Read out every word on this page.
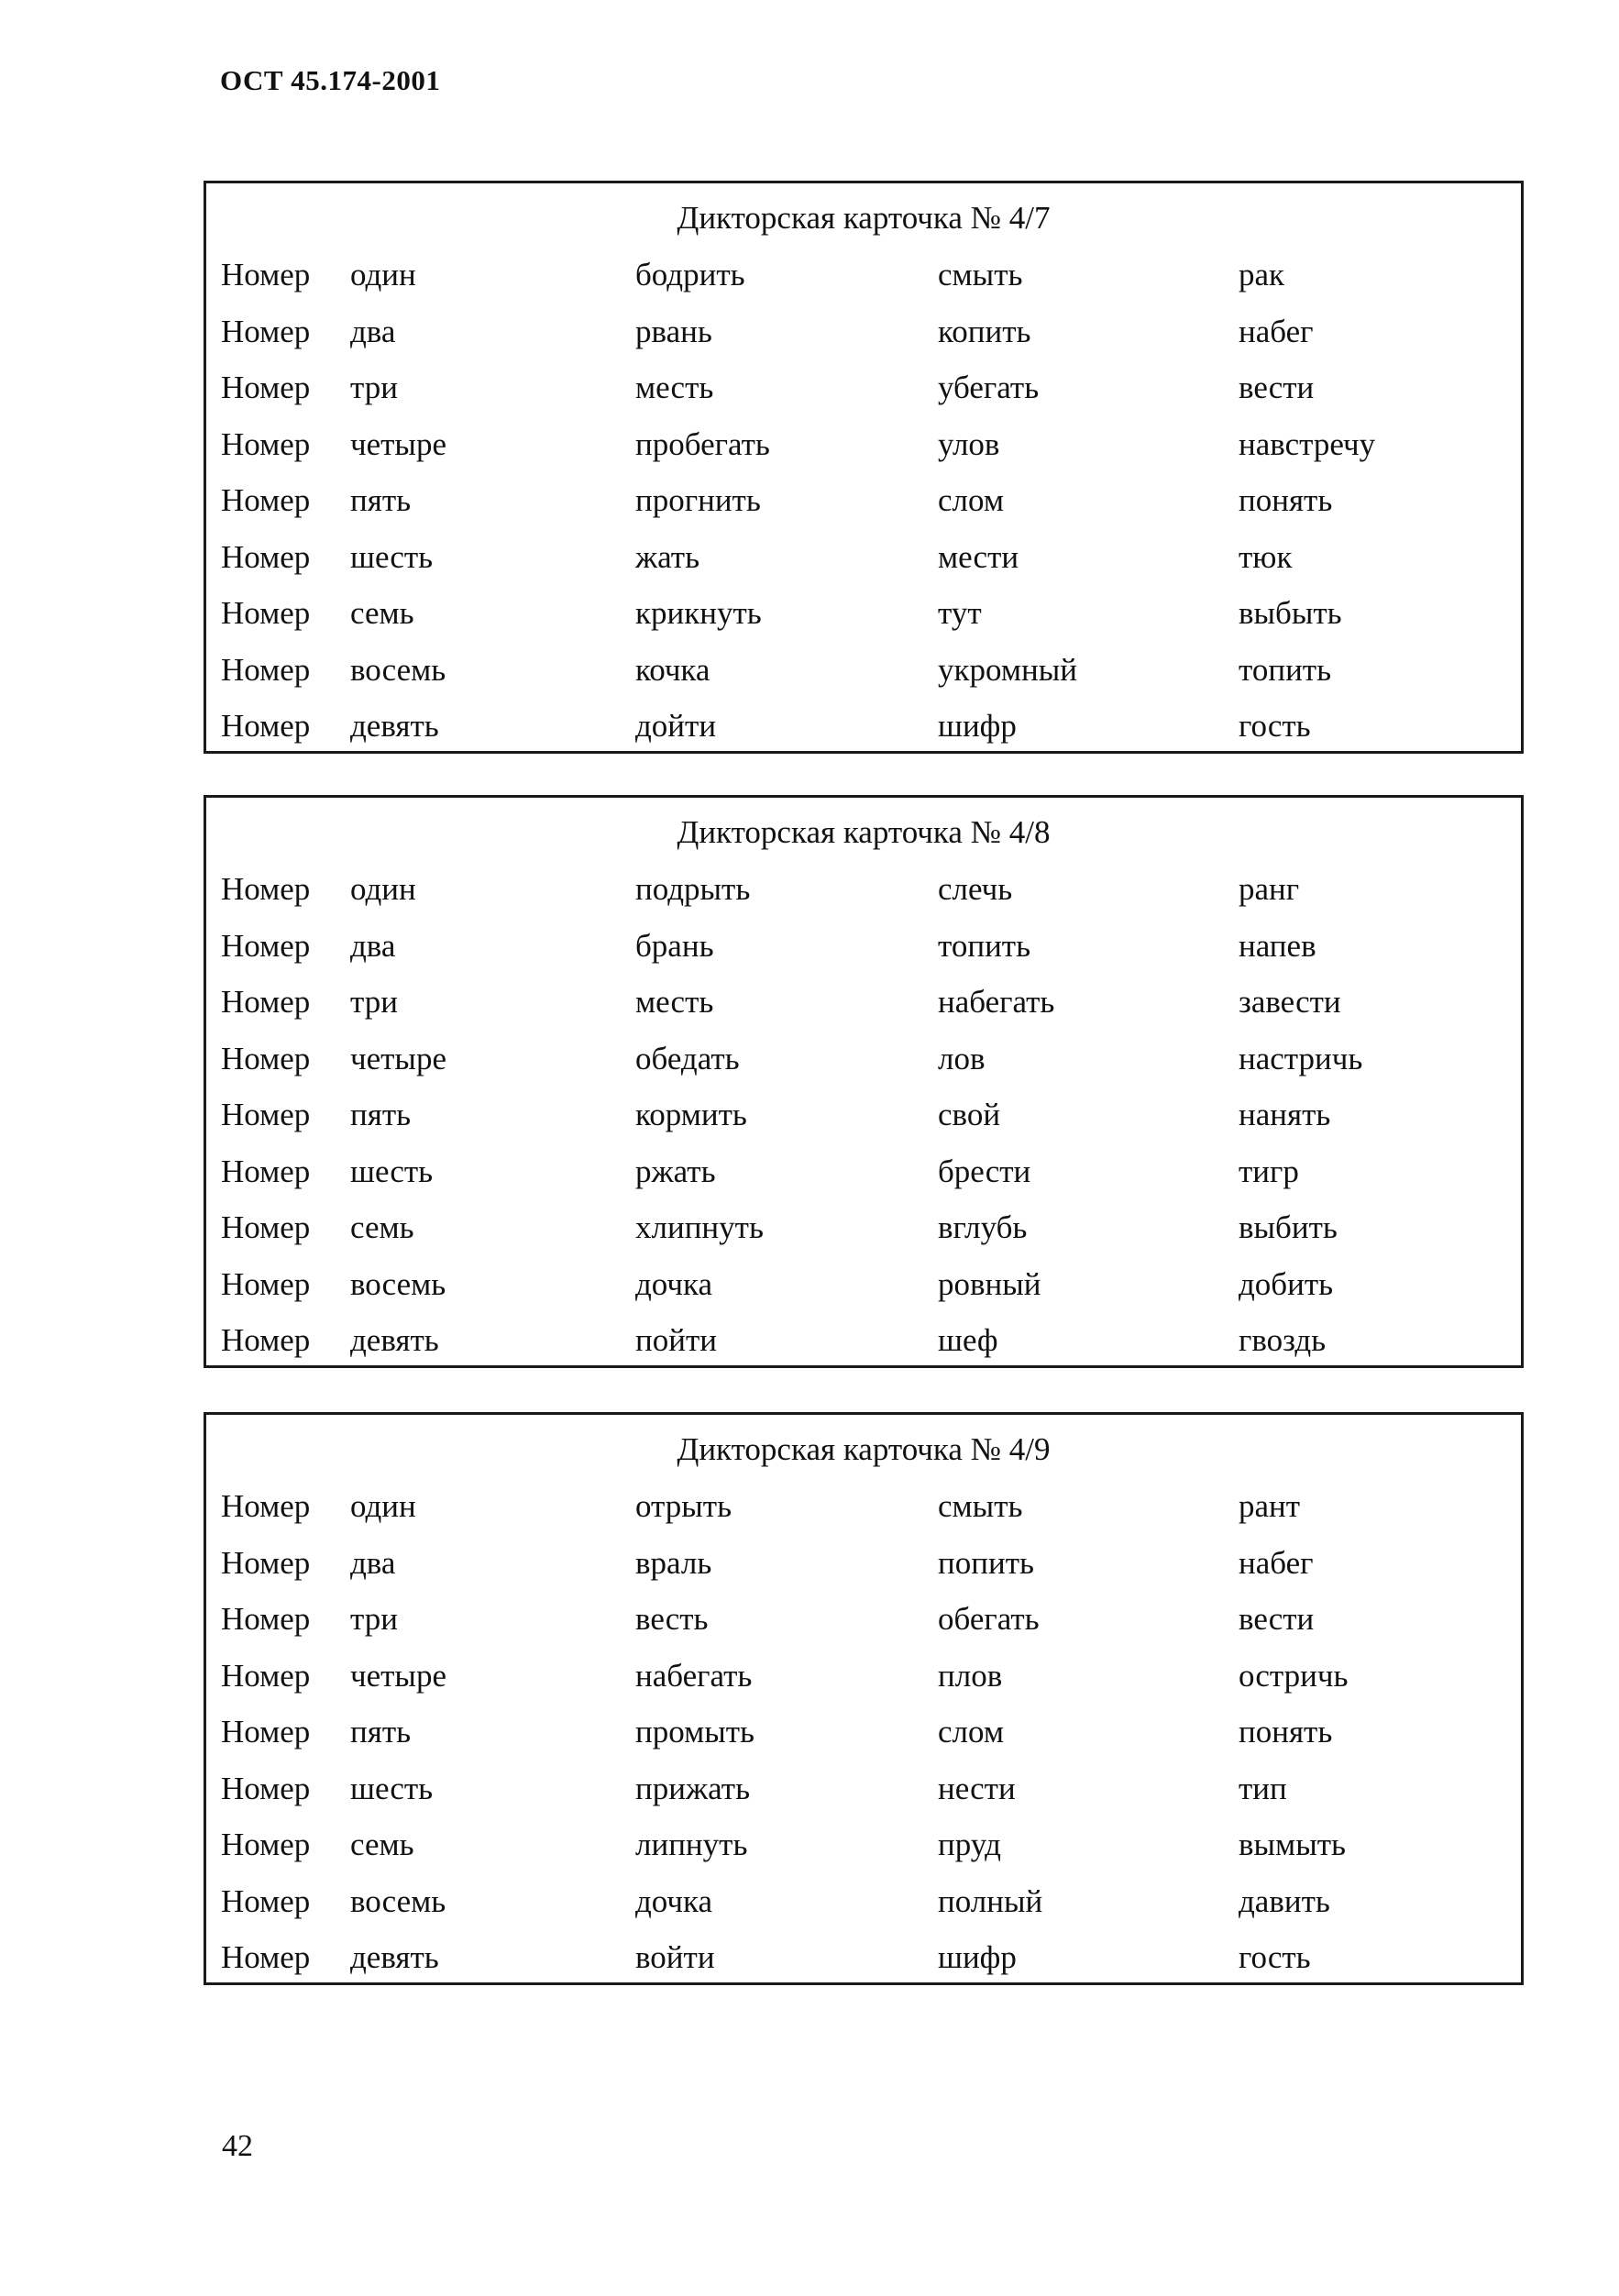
ОСТ 45.174-2001
Дикторская карточка № 4/7
Номер один	бодрить	смыть	рак
Номер два	рвань	копить	набег
Номер три	месть	убегать	вести
Номер четыре	пробегать	улов	навстречу
Номер пять	прогнить	слом	понять
Номер шесть	жать	мести	тюк
Номер семь	крикнуть	тут	выбыть
Номер восемь	кочка	укромный	топить
Номер девять	дойти	шифр	гость
Дикторская карточка № 4/8
Номер один	подрыть	слечь	ранг
Номер два	брань	топить	напев
Номер три	месть	набегать	завести
Номер четыре	обедать	лов	настричь
Номер пять	кормить	свой	нанять
Номер шесть	ржать	брести	тигр
Номер семь	хлипнуть	вглубь	выбить
Номер восемь	дочка	ровный	добить
Номер девять	пойти	шеф	гвоздь
Дикторская карточка № 4/9
Номер один	отрыть	смыть	рант
Номер два	враль	попить	набег
Номер три	весть	обегать	вести
Номер четыре	набегать	плов	остричь
Номер пять	промыть	слом	понять
Номер шесть	прижать	нести	тип
Номер семь	липнуть	пруд	вымыть
Номер восемь	дочка	полный	давить
Номер девять	войти	шифр	гость
42
